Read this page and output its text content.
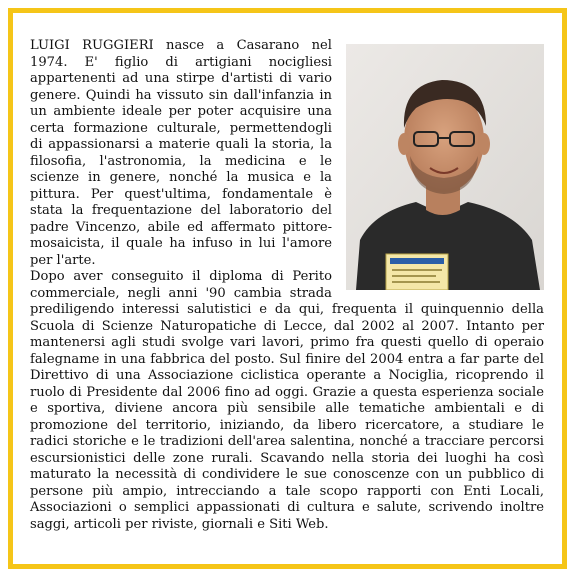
LUIGI RUGGIERI nasce a Casarano nel 1974. E' figlio di artigiani nocigliesi appartenenti ad una stirpe d'artisti di vario genere. Quindi ha vissuto sin dall'infanzia in un ambiente ideale per poter acquisire una certa formazione culturale, permettendogli di appassionarsi a materie quali la storia, la filosofia, l'astronomia, la medicina e le scienze in genere, nonché la musica e la pittura. Per quest'ultima, fondamentale è stata la frequentazione del laboratorio del padre Vincenzo, abile ed affermato pittore-mosaicista, il quale ha infuso in lui l'amore per l'arte.

Dopo aver conseguito il diploma di Perito commerciale, negli anni '90 cambia strada prediligendo interessi salutistici e da qui, frequenta il quinquennio della Scuola di Scienze Naturopatiche di Lecce, dal 2002 al 2007. Intanto per mantenersi agli studi svolge vari lavori, primo fra questi quello di operaio falegname in una fabbrica del posto. Sul finire del 2004 entra a far parte del Direttivo di una Associazione ciclistica operante a Nociglia, ricoprendo il ruolo di Presidente dal 2006 fino ad oggi. Grazie a questa esperienza sociale e sportiva, diviene ancora più sensibile alle tematiche ambientali e di promozione del territorio, iniziando, da libero ricercatore, a studiare le radici storiche e le tradizioni dell'area salentina, nonché a tracciare percorsi escursionistici delle zone rurali. Scavando nella storia dei luoghi ha così maturato la necessità di condividere le sue conoscenze con un pubblico di persone più ampio, intrecciando a tale scopo rapporti con Enti Locali, Associazioni o semplici appassionati di cultura e salute, scrivendo inoltre saggi, articoli per riviste, giornali e Siti Web.
